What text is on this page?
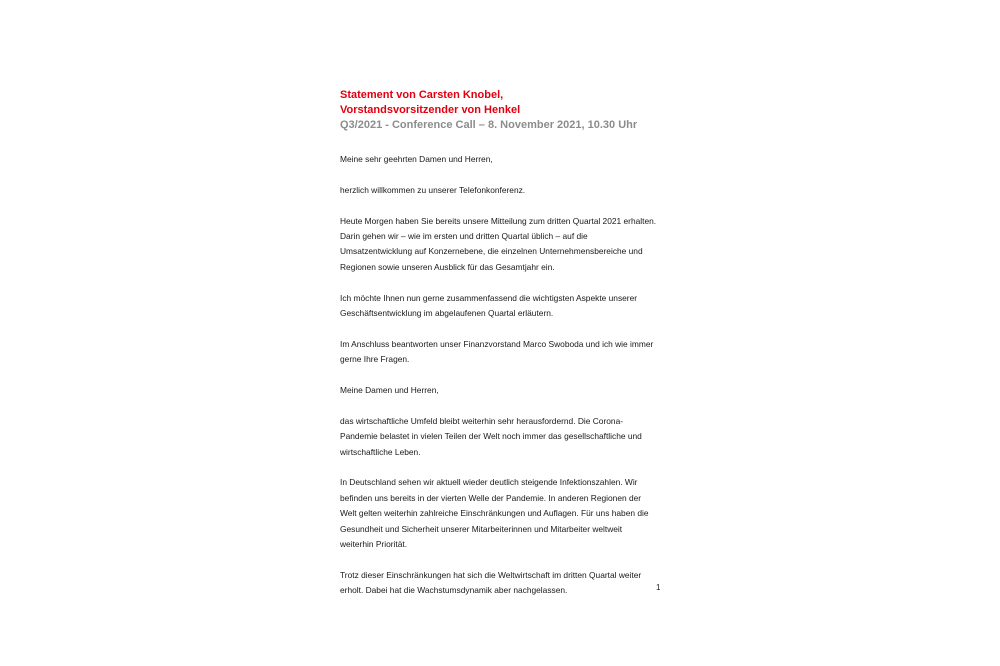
Statement von Carsten Knobel,
Vorstandsvorsitzender von Henkel
Q3/2021 - Conference Call – 8. November 2021, 10.30 Uhr

Meine sehr geehrten Damen und Herren,

herzlich willkommen zu unserer Telefonkonferenz.

Heute Morgen haben Sie bereits unsere Mitteilung zum dritten Quartal 2021 erhalten.
Darin gehen wir – wie im ersten und dritten Quartal üblich – auf die
Umsatzentwicklung auf Konzernebene, die einzelnen Unternehmensbereiche und
Regionen sowie unseren Ausblick für das Gesamtjahr ein.

Ich möchte Ihnen nun gerne zusammenfassend die wichtigsten Aspekte unserer
Geschäftsentwicklung im abgelaufenen Quartal erläutern.

Im Anschluss beantworten unser Finanzvorstand Marco Swoboda und ich wie immer
gerne Ihre Fragen.

Meine Damen und Herren,

das wirtschaftliche Umfeld bleibt weiterhin sehr herausfordernd. Die Corona-
Pandemie belastet in vielen Teilen der Welt noch immer das gesellschaftliche und
wirtschaftliche Leben.

In Deutschland sehen wir aktuell wieder deutlich steigende Infektionszahlen. Wir
befinden uns bereits in der vierten Welle der Pandemie. In anderen Regionen der
Welt gelten weiterhin zahlreiche Einschränkungen und Auflagen. Für uns haben die
Gesundheit und Sicherheit unserer Mitarbeiterinnen und Mitarbeiter weltweit
weiterhin Priorität.

Trotz dieser Einschränkungen hat sich die Weltwirtschaft im dritten Quartal weiter
erholt. Dabei hat die Wachstumsdynamik aber nachgelassen.	1
